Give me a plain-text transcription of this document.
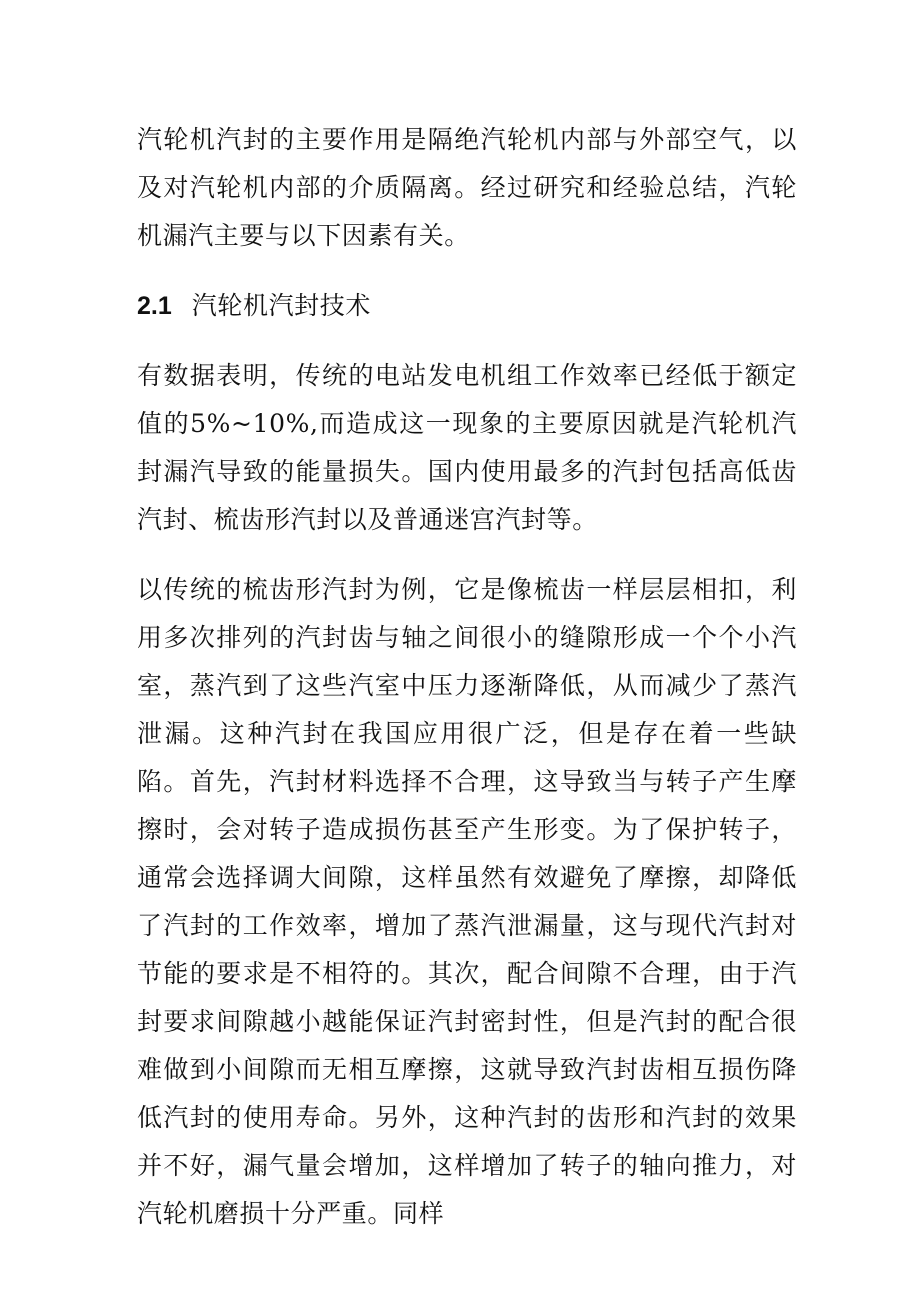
汽轮机汽封的主要作用是隔绝汽轮机内部与外部空气，以及对汽轮机内部的介质隔离。经过研究和经验总结，汽轮机漏汽主要与以下因素有关。

2.1 汽轮机汽封技术

有数据表明，传统的电站发电机组工作效率已经低于额定值的5%~10%,而造成这一现象的主要原因就是汽轮机汽封漏汽导致的能量损失。国内使用最多的汽封包括高低齿汽封、梳齿形汽封以及普通迷宫汽封等。

以传统的梳齿形汽封为例，它是像梳齿一样层层相扣，利用多次排列的汽封齿与轴之间很小的缝隙形成一个个小汽室，蒸汽到了这些汽室中压力逐渐降低，从而减少了蒸汽泄漏。这种汽封在我国应用很广泛，但是存在着一些缺陷。首先，汽封材料选择不合理，这导致当与转子产生摩擦时，会对转子造成损伤甚至产生形变。为了保护转子，通常会选择调大间隙，这样虽然有效避免了摩擦，却降低了汽封的工作效率，增加了蒸汽泄漏量，这与现代汽封对节能的要求是不相符的。其次，配合间隙不合理，由于汽封要求间隙越小越能保证汽封密封性，但是汽封的配合很难做到小间隙而无相互摩擦，这就导致汽封齿相互损伤降低汽封的使用寿命。另外，这种汽封的齿形和汽封的效果并不好，漏气量会增加，这样增加了转子的轴向推力，对汽轮机磨损十分严重。同样
